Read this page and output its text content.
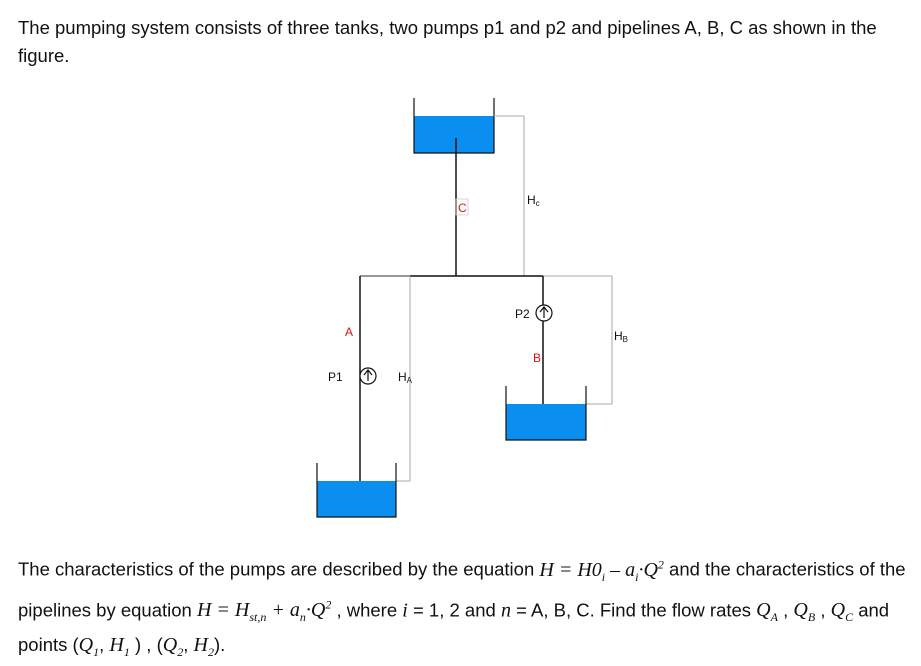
The pumping system consists of three tanks, two pumps p1 and p2 and pipelines A, B, C as shown in the figure.

C
Hc
A
P1	HA
P2
B
HB

The characteristics of the pumps are described by the equation $H = H0_i - a_i\cdot Q^2$ and the characteristics of the pipelines by equation $H = H_{st,n} + a_n\cdot Q^2$ , where i = 1, 2 and n = A, B, C. Find the flow rates $Q_A$ , $Q_B$ , $Q_C$ and points ($Q_1$, $H_1$ ) , ($Q_2$, $H_2$).
